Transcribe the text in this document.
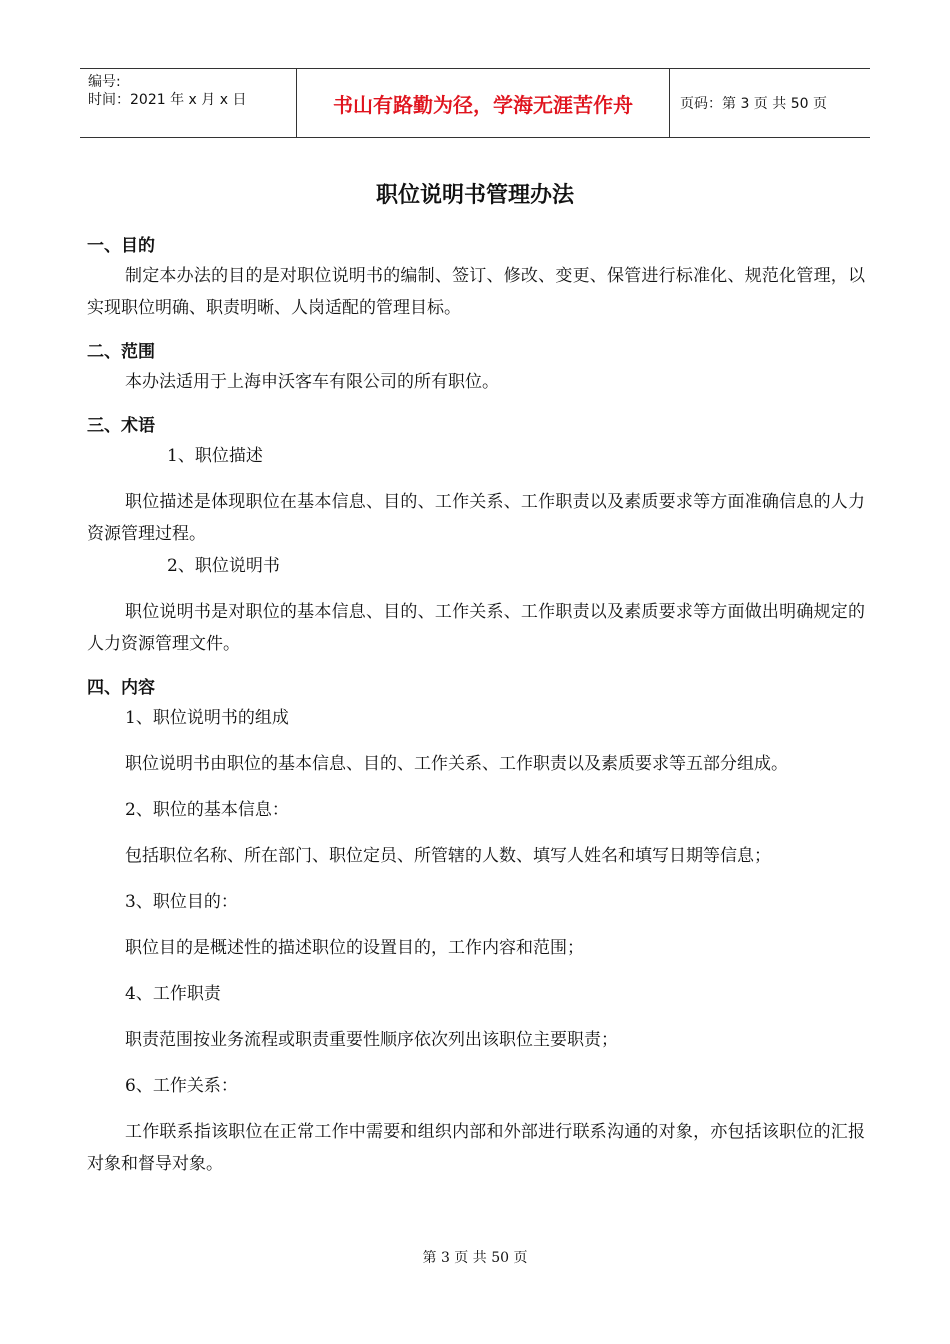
编号:
时间：2021 年 x 月 x 日	书山有路勤为径，学海无涯苦作舟	页码：第 3 页 共 50 页
职位说明书管理办法
一、目的

制定本办法的目的是对职位说明书的编制、签订、修改、变更、保管进行标准化、规范化管理，以实现职位明确、职责明晰、人岗适配的管理目标。

二、范围

本办法适用于上海申沃客车有限公司的所有职位。

三、术语

1、职位描述

职位描述是体现职位在基本信息、目的、工作关系、工作职责以及素质要求等方面准确信息的人力资源管理过程。

2、职位说明书

职位说明书是对职位的基本信息、目的、工作关系、工作职责以及素质要求等方面做出明确规定的人力资源管理文件。

四、内容

1、职位说明书的组成

职位说明书由职位的基本信息、目的、工作关系、工作职责以及素质要求等五部分组成。

2、职位的基本信息：

包括职位名称、所在部门、职位定员、所管辖的人数、填写人姓名和填写日期等信息；

3、职位目的：

职位目的是概述性的描述职位的设置目的，工作内容和范围；

4、工作职责

职责范围按业务流程或职责重要性顺序依次列出该职位主要职责；

6、工作关系：

工作联系指该职位在正常工作中需要和组织内部和外部进行联系沟通的对象，亦包括该职位的汇报对象和督导对象。

第 3 页 共 50 页
